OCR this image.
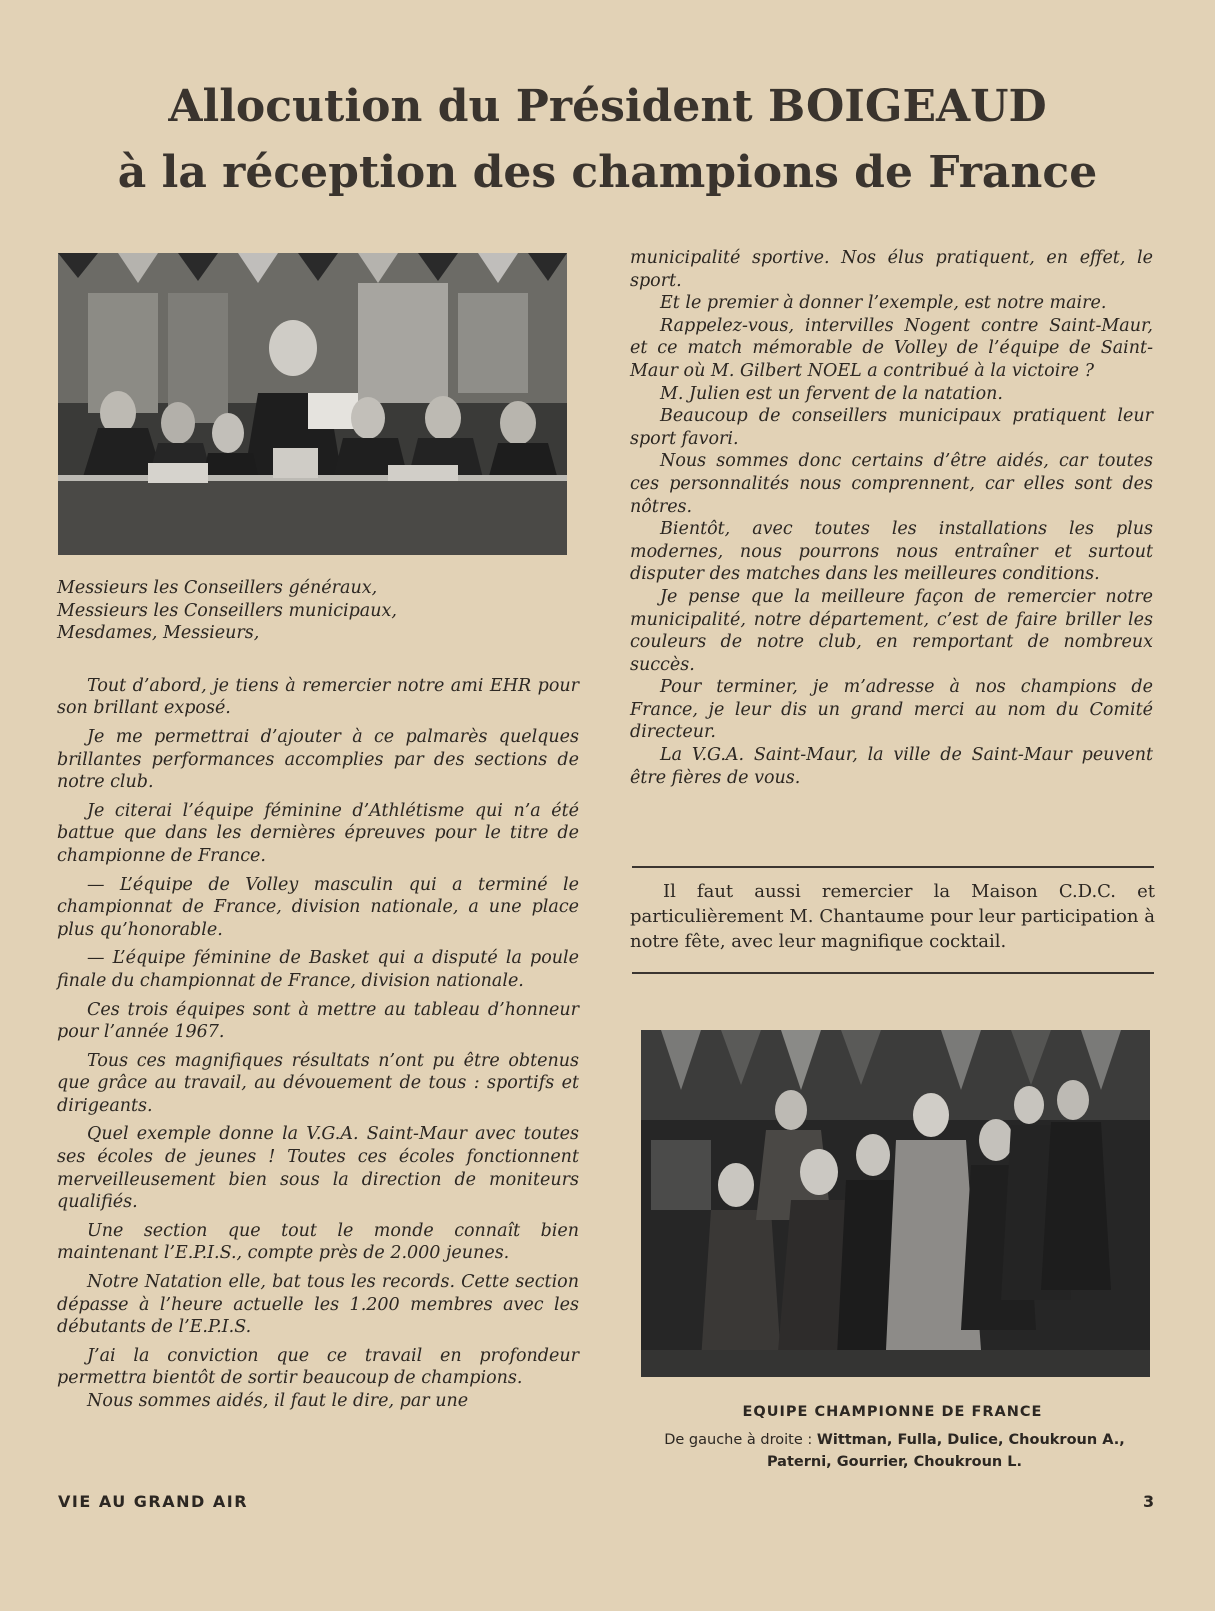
Allocution du Président BOIGEAUD
à la réception des champions de France

Messieurs les Conseillers généraux,

Messieurs les Conseillers municipaux,

Mesdames, Messieurs,

Tout d’abord, je tiens à remercier notre ami EHR pour son brillant exposé.

Je me permettrai d’ajouter à ce palmarès quelques brillantes performances accomplies par des sections de notre club.

Je citerai l’équipe féminine d’Athlétisme qui n’a été battue que dans les dernières épreuves pour le titre de championne de France.

— L’équipe de Volley masculin qui a terminé le championnat de France, division nationale, a une place plus qu’honorable.

— L’équipe féminine de Basket qui a disputé la poule finale du championnat de France, division nationale.

Ces trois équipes sont à mettre au tableau d’honneur pour l’année 1967.

Tous ces magnifiques résultats n’ont pu être obtenus que grâce au travail, au dévouement de tous : sportifs et dirigeants.

Quel exemple donne la V.G.A. Saint-Maur avec toutes ses écoles de jeunes ! Toutes ces écoles fonctionnent merveilleusement bien sous la direction de moniteurs qualifiés.

Une section que tout le monde connaît bien maintenant l’E.P.I.S., compte près de 2.000 jeunes.

Notre Natation elle, bat tous les records. Cette section dépasse à l’heure actuelle les 1.200 membres avec les débutants de l’E.P.I.S.

J’ai la conviction que ce travail en profondeur permettra bientôt de sortir beaucoup de champions.

Nous sommes aidés, il faut le dire, par une

municipalité sportive. Nos élus pratiquent, en effet, le sport.

Et le premier à donner l’exemple, est notre maire.

Rappelez-vous, intervilles Nogent contre Saint-Maur, et ce match mémorable de Volley de l’équipe de Saint-Maur où M. Gilbert NOEL a contribué à la victoire ?

M. Julien est un fervent de la natation.

Beaucoup de conseillers municipaux pratiquent leur sport favori.

Nous sommes donc certains d’être aidés, car toutes ces personnalités nous comprennent, car elles sont des nôtres.

Bientôt, avec toutes les installations les plus modernes, nous pourrons nous entraîner et surtout disputer des matches dans les meilleures conditions.

Je pense que la meilleure façon de remercier notre municipalité, notre département, c’est de faire briller les couleurs de notre club, en remportant de nombreux succès.

Pour terminer, je m’adresse à nos champions de France, je leur dis un grand merci au nom du Comité directeur.

La V.G.A. Saint-Maur, la ville de Saint-Maur peuvent être fières de vous.

Il faut aussi remercier la Maison C.D.C. et particulièrement M. Chantaume pour leur participation à notre fête, avec leur magnifique cocktail.

EQUIPE CHAMPIONNE DE FRANCE

De gauche à droite : Wittman, Fulla, Dulice, Choukroun A., Paterni, Gourrier, Choukroun L.

VIE AU GRAND AIR	3
